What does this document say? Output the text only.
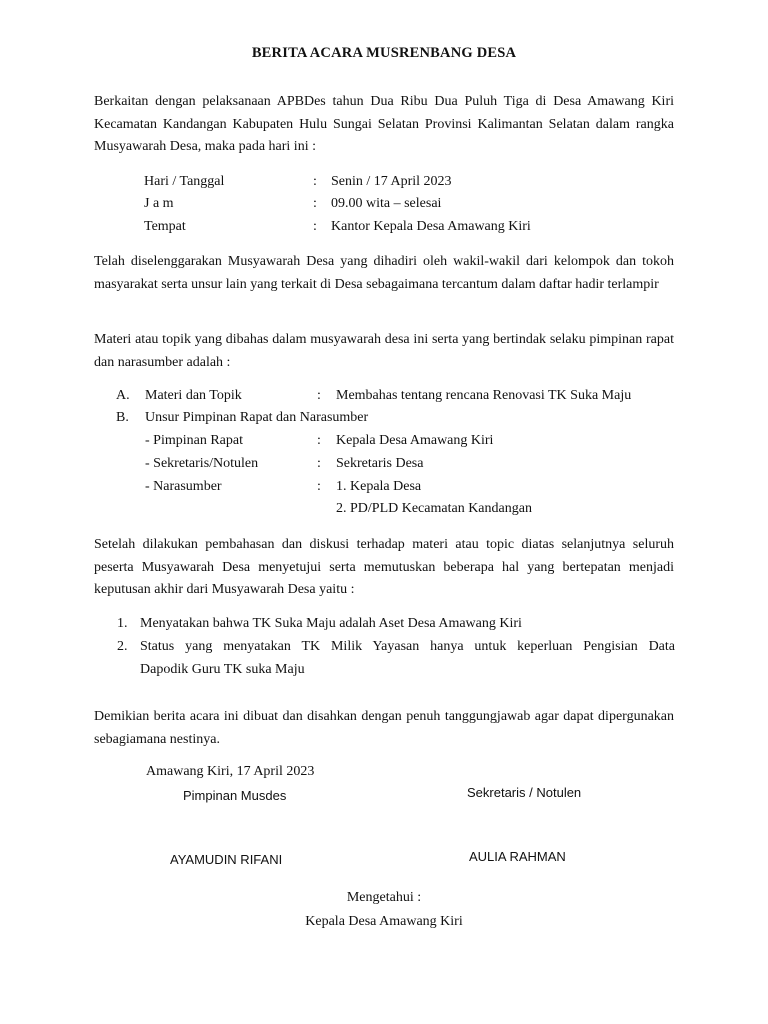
BERITA ACARA MUSRENBANG DESA
Berkaitan dengan pelaksanaan APBDes tahun Dua Ribu Dua Puluh Tiga di Desa Amawang Kiri Kecamatan Kandangan Kabupaten Hulu Sungai Selatan Provinsi Kalimantan Selatan dalam rangka Musyawarah Desa, maka pada hari ini :
Hari / Tanggal	: Senin / 17 April 2023
J a m	: 09.00 wita – selesai
Tempat	: Kantor Kepala Desa Amawang Kiri
Telah diselenggarakan Musyawarah Desa yang dihadiri oleh wakil-wakil dari kelompok dan tokoh masyarakat serta unsur lain yang terkait di Desa sebagaimana tercantum dalam daftar hadir terlampir
Materi atau topik yang dibahas dalam musyawarah desa ini serta yang bertindak selaku pimpinan rapat dan narasumber adalah :
A. Materi dan Topik	: Membahas tentang rencana Renovasi TK Suka Maju
B. Unsur Pimpinan Rapat dan Narasumber
- Pimpinan Rapat	: Kepala Desa Amawang Kiri
- Sekretaris/Notulen	: Sekretaris Desa
- Narasumber	: 1. Kepala Desa
2. PD/PLD Kecamatan Kandangan
Setelah dilakukan pembahasan dan diskusi terhadap materi atau topic diatas selanjutnya seluruh peserta Musyawarah Desa menyetujui serta memutuskan beberapa hal yang bertepatan menjadi keputusan akhir dari Musyawarah Desa yaitu :
1. Menyatakan bahwa TK Suka Maju adalah Aset Desa Amawang Kiri
2. Status yang menyatakan TK Milik Yayasan hanya untuk keperluan Pengisian Data
Dapodik Guru TK suka Maju
Demikian berita acara ini dibuat dan disahkan dengan penuh tanggungjawab agar dapat dipergunakan sebagiamana nestinya.
Amawang Kiri, 17 April 2023
Pimpinan Musdes	Sekretaris / Notulen
AYAMUDIN RIFANI	AULIA RAHMAN
Mengetahui :
Kepala Desa Amawang Kiri
